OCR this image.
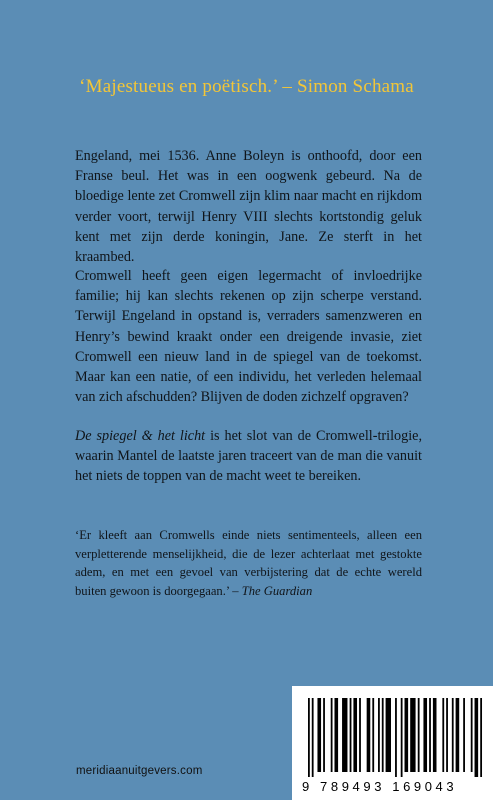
‘Majestueus en poëtisch.’ – Simon Schama

Engeland, mei 1536. Anne Boleyn is onthoofd, door een Franse beul. Het was in een oogwenk gebeurd. Na de bloedige lente zet Cromwell zijn klim naar macht en rijkdom verder voort, terwijl Henry VIII slechts kortstondig geluk kent met zijn derde koningin, Jane. Ze sterft in het kraambed.

Cromwell heeft geen eigen legermacht of invloedrijke familie; hij kan slechts rekenen op zijn scherpe verstand. Terwijl Engeland in opstand is, verraders samenzweren en Henry’s bewind kraakt onder een dreigende invasie, ziet Cromwell een nieuw land in de spiegel van de toekomst. Maar kan een natie, of een individu, het verleden helemaal van zich afschudden? Blijven de doden zichzelf opgraven?

De spiegel & het licht is het slot van de Cromwell-trilogie, waarin Mantel de laatste jaren traceert van de man die vanuit het niets de toppen van de macht weet te bereiken.

‘Er kleeft aan Cromwells einde niets sentimenteels, alleen een verpletterende menselijkheid, die de lezer achterlaat met gestokte adem, en met een gevoel van verbijstering dat de echte wereld buiten gewoon is doorgegaan.’ – The Guardian

meridiaanuitgevers.com
9 789493 169043
